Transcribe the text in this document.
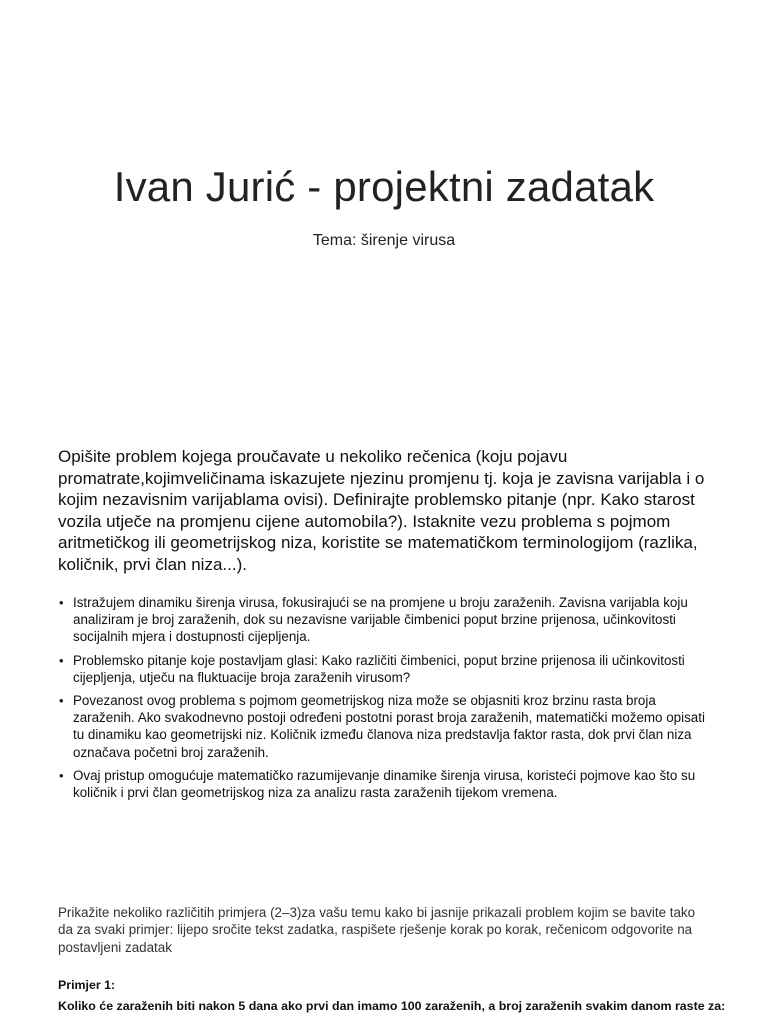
Ivan Jurić - projektni zadatak

Tema: širenje virusa

Opišite problem kojega proučavate u nekoliko rečenica (koju pojavu promatrate,kojimveličinama iskazujete njezinu promjenu tj. koja je zavisna varijabla i o kojim nezavisnim varijablama ovisi). Definirajte problemsko pitanje (npr. Kako starost vozila utječe na promjenu cijene automobila?). Istaknite vezu problema s pojmom aritmetičkog ili geometrijskog niza, koristite se matematičkom terminologijom (razlika, količnik, prvi član niza...).

• Istražujem dinamiku širenja virusa, fokusirajući se na promjene u broju zaraženih. Zavisna varijabla koju analiziram je broj zaraženih, dok su nezavisne varijable čimbenici poput brzine prijenosa, učinkovitosti socijalnih mjera i dostupnosti cijepljenja.
• Problemsko pitanje koje postavljam glasi: Kako različiti čimbenici, poput brzine prijenosa ili učinkovitosti cijepljenja, utječu na fluktuacije broja zaraženih virusom?
• Povezanost ovog problema s pojmom geometrijskog niza može se objasniti kroz brzinu rasta broja zaraženih. Ako svakodnevno postoji određeni postotni porast broja zaraženih, matematički možemo opisati tu dinamiku kao geometrijski niz. Količnik između članova niza predstavlja faktor rasta, dok prvi član niza označava početni broj zaraženih.
• Ovaj pristup omogućuje matematičko razumijevanje dinamike širenja virusa, koristeći pojmove kao što su količnik i prvi član geometrijskog niza za analizu rasta zaraženih tijekom vremena.

Prikažite nekoliko različitih primjera (2–3)za vašu temu kako bi jasnije prikazali problem kojim se bavite tako da za svaki primjer: lijepo sročite tekst zadatka, raspišete rješenje korak po korak, rečenicom odgovorite na postavljeni zadatak

Primjer 1:

Koliko će zaraženih biti nakon 5 dana ako prvi dan imamo 100 zaraženih, a broj zaraženih svakim danom raste za:
